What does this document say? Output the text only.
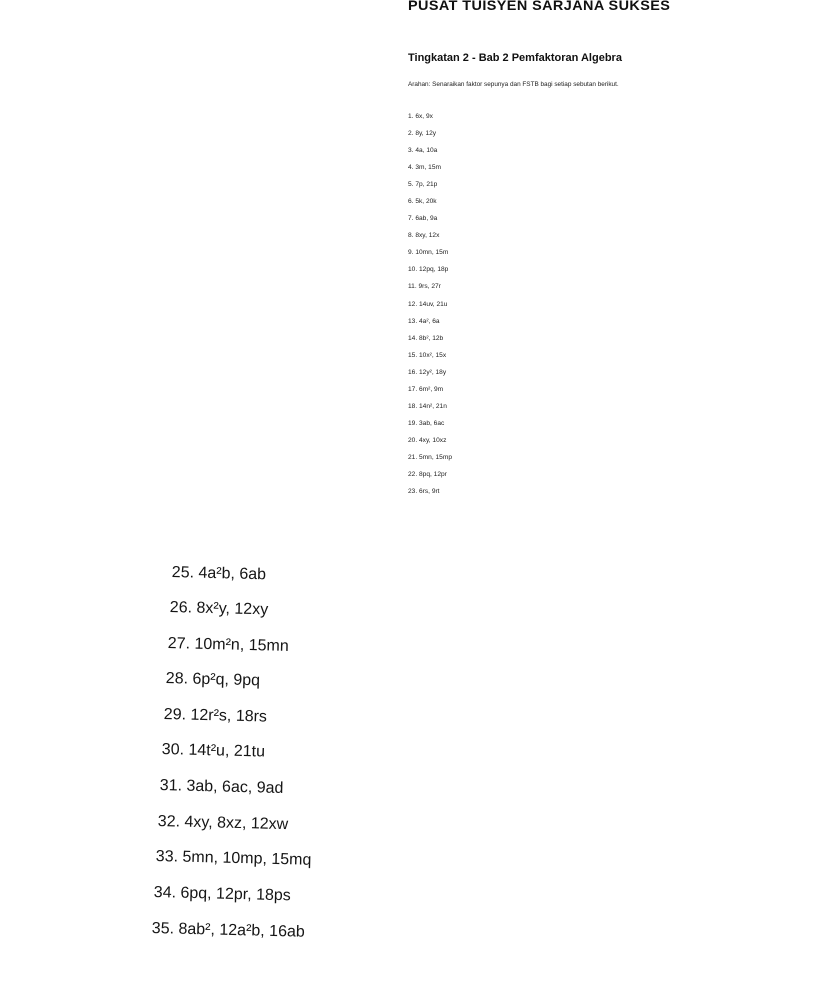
PUSAT TUISYEN SARJANA SUKSES
Tingkatan 2 - Bab 2 Pemfaktoran Algebra
Arahan: Senaraikan faktor sepunya dan FSTB bagi setiap sebutan berikut.
1. 6x, 9x
2. 8y, 12y
3. 4a, 10a
4. 3m, 15m
5. 7p, 21p
6. 5k, 20k
7. 6ab, 9a
8. 8xy, 12x
9. 10mn, 15m
10. 12pq, 18p
11. 9rs, 27r
12. 14uv, 21u
13. 4a², 6a
14. 8b², 12b
15. 10x², 15x
16. 12y², 18y
17. 6m², 9m
18. 14n², 21n
19. 3ab, 6ac
20. 4xy, 10xz
21. 5mn, 15mp
22. 8pq, 12pr
23. 6rs, 9rt
25. 4a²b, 6ab
26. 8x²y, 12xy
27. 10m²n, 15mn
28. 6p²q, 9pq
29. 12r²s, 18rs
30. 14t²u, 21tu
31. 3ab, 6ac, 9ad
32. 4xy, 8xz, 12xw
33. 5mn, 10mp, 15mq
34. 6pq, 12pr, 18ps
35. 8ab², 12a²b, 16ab
